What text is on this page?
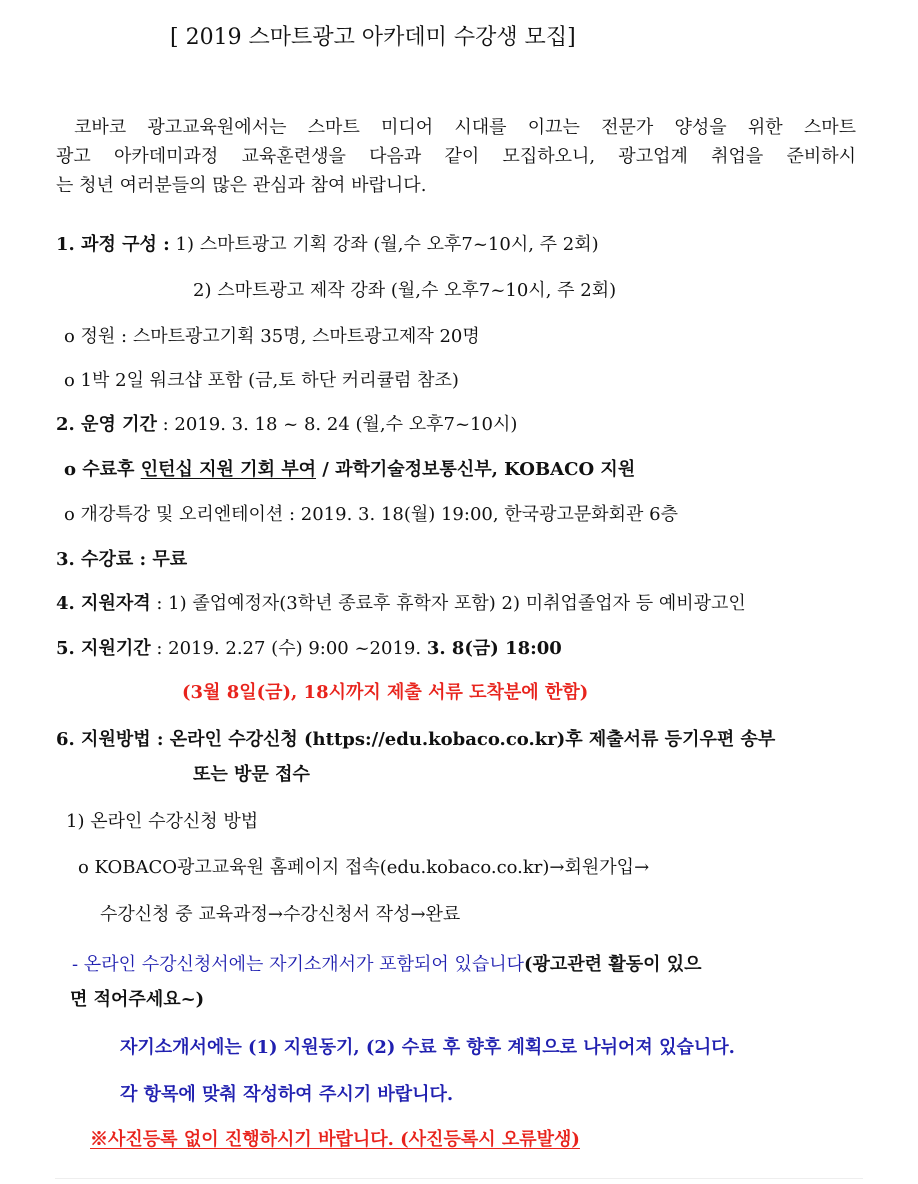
[ 2019 스마트광고 아카데미 수강생 모집]
코바코 광고교육원에서는 스마트 미디어 시대를 이끄는 전문가 양성을 위한 스마트
광고 아카데미과정 교육훈련생을 다음과 같이 모집하오니, 광고업계 취업을 준비하시
는 청년 여러분들의 많은 관심과 참여 바랍니다.
1. 과정 구성 : 1) 스마트광고 기획 강좌 (월,수 오후7~10시, 주 2회)
2) 스마트광고 제작 강좌 (월,수 오후7~10시, 주 2회)
o 정원 : 스마트광고기획 35명, 스마트광고제작 20명
o 1박 2일 워크샵 포함 (금,토 하단 커리큘럼 참조)
2. 운영 기간 : 2019. 3. 18 ~ 8. 24 (월,수 오후7~10시)
o 수료후 인턴십 지원 기회 부여 / 과학기술정보통신부, KOBACO 지원
o 개강특강 및 오리엔테이션 : 2019. 3. 18(월) 19:00, 한국광고문화회관 6층
3. 수강료 : 무료
4. 지원자격 : 1) 졸업예정자(3학년 종료후 휴학자 포함) 2) 미취업졸업자 등 예비광고인
5. 지원기간 : 2019. 2.27 (수) 9:00 ~2019. 3. 8(금) 18:00
(3월 8일(금), 18시까지 제출 서류 도착분에 한함)
6. 지원방법 : 온라인 수강신청 (https://edu.kobaco.co.kr)후 제출서류 등기우편 송부
또는 방문 접수
1) 온라인 수강신청 방법
o KOBACO광고교육원 홈페이지 접속(edu.kobaco.co.kr)→회원가입→
수강신청 중 교육과정→수강신청서 작성→완료
- 온라인 수강신청서에는 자기소개서가 포함되어 있습니다(광고관련 활동이 있으
면 적어주세요~)
자기소개서에는 (1) 지원동기, (2) 수료 후 향후 계획으로 나뉘어져 있습니다.
각 항목에 맞춰 작성하여 주시기 바랍니다.
※사진등록 없이 진행하시기 바랍니다. (사진등록시 오류발생)
